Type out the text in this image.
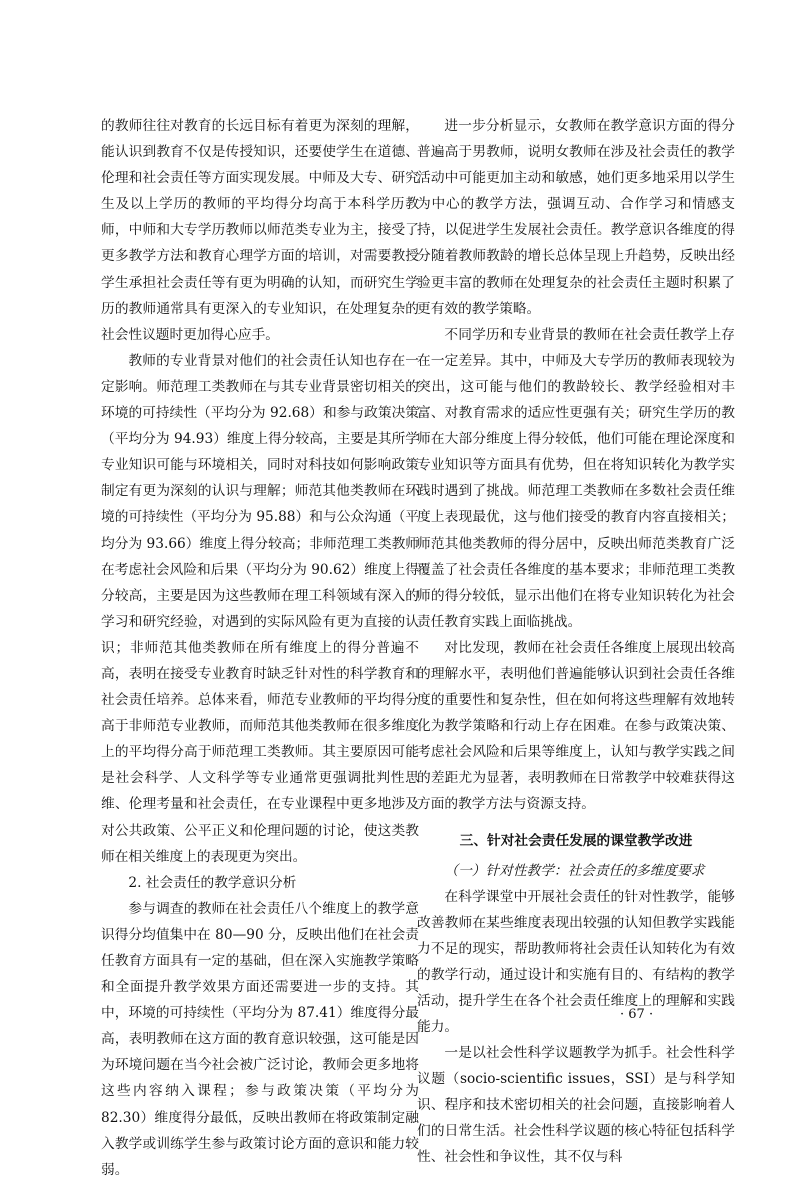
的教师往往对教育的长远目标有着更为深刻的理解，能认识到教育不仅是传授知识，还要使学生在道德、伦理和社会责任等方面实现发展。中师及大专、研究生及以上学历的教师的平均得分均高于本科学历教师，中师和大专学历教师以师范类专业为主，接受了更多教学方法和教育心理学方面的培训，对需要教授学生承担社会责任等有更为明确的认知，而研究生学历的教师通常具有更深入的专业知识，在处理复杂的社会性议题时更加得心应手。

教师的专业背景对他们的社会责任认知也存在一定影响。师范理工类教师在与其专业背景密切相关的环境的可持续性（平均分为 92.68）和参与政策决策（平均分为 94.93）维度上得分较高，主要是其所学专业知识可能与环境相关，同时对科技如何影响政策制定有更为深刻的认识与理解；师范其他类教师在环境的可持续性（平均分为 95.88）和与公众沟通（平均分为 93.66）维度上得分较高；非师范理工类教师在考虑社会风险和后果（平均分为 90.62）维度上得分较高，主要是因为这些教师在理工科领域有深入的学习和研究经验，对遇到的实际风险有更为直接的认识；非师范其他类教师在所有维度上的得分普遍不高，表明在接受专业教育时缺乏针对性的科学教育和社会责任培养。总体来看，师范专业教师的平均得分高于非师范专业教师，而师范其他类教师在很多维度上的平均得分高于师范理工类教师。其主要原因可能是社会科学、人文科学等专业通常更强调批判性思维、伦理考量和社会责任，在专业课程中更多地涉及对公共政策、公平正义和伦理问题的讨论，使这类教师在相关维度上的表现更为突出。

2. 社会责任的教学意识分析

参与调查的教师在社会责任八个维度上的教学意识得分均值集中在 80—90 分，反映出他们在社会责任教育方面具有一定的基础，但在深入实施教学策略和全面提升教学效果方面还需要进一步的支持。其中，环境的可持续性（平均分为 87.41）维度得分最高，表明教师在这方面的教育意识较强，这可能是因为环境问题在当今社会被广泛讨论，教师会更多地将这些内容纳入课程；参与政策决策（平均分为 82.30）维度得分最低，反映出教师在将政策制定融入教学或训练学生参与政策讨论方面的意识和能力较弱。

进一步分析显示，女教师在教学意识方面的得分普遍高于男教师，说明女教师在涉及社会责任的教学活动中可能更加主动和敏感，她们更多地采用以学生为中心的教学方法，强调互动、合作学习和情感支持，以促进学生发展社会责任。教学意识各维度的得分随着教师教龄的增长总体呈现上升趋势，反映出经验更丰富的教师在处理复杂的社会责任主题时积累了更有效的教学策略。

不同学历和专业背景的教师在社会责任教学上存在一定差异。其中，中师及大专学历的教师表现较为突出，这可能与他们的教龄较长、教学经验相对丰富、对教育需求的适应性更强有关；研究生学历的教师在大部分维度上得分较低，他们可能在理论深度和专业知识等方面具有优势，但在将知识转化为教学实践时遇到了挑战。师范理工类教师在多数社会责任维度上表现最优，这与他们接受的教育内容直接相关；师范其他类教师的得分居中，反映出师范类教育广泛覆盖了社会责任各维度的基本要求；非师范理工类教师的得分较低，显示出他们在将专业知识转化为社会责任教育实践上面临挑战。

对比发现，教师在社会责任各维度上展现出较高的理解水平，表明他们普遍能够认识到社会责任各维度的重要性和复杂性，但在如何将这些理解有效地转化为教学策略和行动上存在困难。在参与政策决策、考虑社会风险和后果等维度上，认知与教学实践之间的差距尤为显著，表明教师在日常教学中较难获得这方面的教学方法与资源支持。

三、针对社会责任发展的课堂教学改进
（一）针对性教学：社会责任的多维度要求

在科学课堂中开展社会责任的针对性教学，能够改善教师在某些维度表现出较强的认知但教学实践能力不足的现实，帮助教师将社会责任认知转化为有效的教学行动，通过设计和实施有目的、有结构的教学活动，提升学生在各个社会责任维度上的理解和实践能力。

一是以社会性科学议题教学为抓手。社会性科学议题（socio-scientific issues，SSI）是与科学知识、程序和技术密切相关的社会问题，直接影响着人们的日常生活。社会性科学议题的核心特征包括科学性、社会性和争议性，其不仅与科

· 67 ·
